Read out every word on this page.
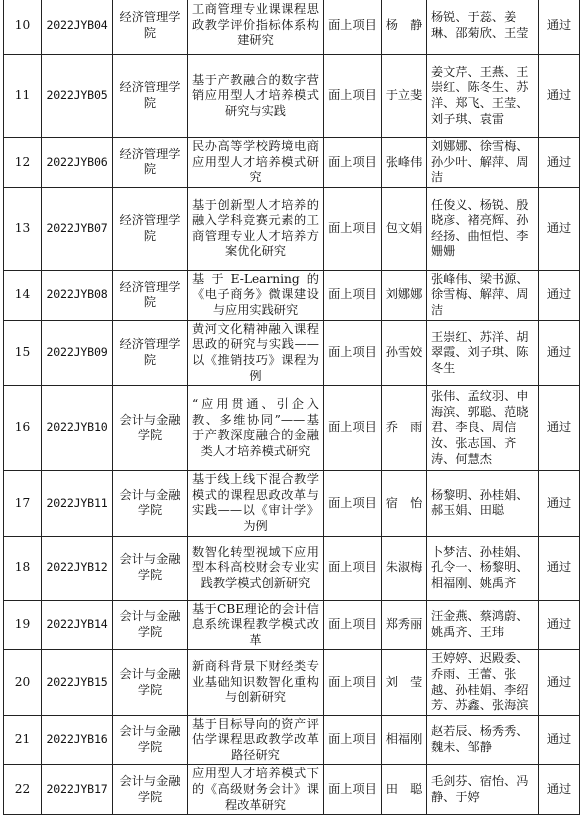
10	2022JYB04	经济管理学院	工商管理专业课课程思政教学评价指标体系构建研究	面上项目	杨　静	杨锐、于蕊、姜琳、邵菊欣、王莹	通过
11	2022JYB05	经济管理学院	基于产教融合的数字营销应用型人才培养模式研究与实践	面上项目	于立斐	姜文芹、王燕、王崇红、陈冬生、苏洋、郑飞、王莹、刘子琪、袁雷	通过
12	2022JYB06	经济管理学院	民办高等学校跨境电商应用型人才培养模式研究	面上项目	张峰伟	刘娜娜、徐雪梅、孙少叶、解萍、周洁	通过
13	2022JYB07	经济管理学院	基于创新型人才培养的融入学科竞赛元素的工商管理专业人才培养方案优化研究	面上项目	包文娟	任俊义、杨锐、殷晓彦、褚亮辉、孙经扬、曲恒恺、李姗姗	通过
14	2022JYB08	经济管理学院	基于E-Learning的《电子商务》微课建设与应用实践研究	面上项目	刘娜娜	张峰伟、梁书源、徐雪梅、解萍、周洁	通过
15	2022JYB09	经济管理学院	黄河文化精神融入课程思政的研究与实践——以《推销技巧》课程为例	面上项目	孙雪姣	王崇红、苏洋、胡翠霞、刘子琪、陈冬生	通过
16	2022JYB10	会计与金融学院	“应用贯通、引企入教、多维协同”——基于产教深度融合的金融类人才培养模式研究	面上项目	乔　雨	张伟、孟纹羽、申海滨、郭聪、范晓君、李良、周信汝、张志国、齐涛、何慧杰	通过
17	2022JYB11	会计与金融学院	基于线上线下混合教学模式的课程思政改革与实践——以《审计学》为例	面上项目	宿　怡	杨黎明、孙桂娟、郝玉娟、田聪	通过
18	2022JYB12	会计与金融学院	数智化转型视域下应用型本科高校财会专业实践教学模式创新研究	面上项目	朱淑梅	卜梦洁、孙桂娟、孔令一、杨黎明、相福刚、姚禹齐	通过
19	2022JYB14	会计与金融学院	基于CBE理论的会计信息系统课程教学模式改革	面上项目	郑秀丽	汪金燕、蔡鸿蔚、姚禹齐、王玮	通过
20	2022JYB15	会计与金融学院	新商科背景下财经类专业基础知识数智化重构与创新研究	面上项目	刘　莹	王婷婷、迟殿委、乔雨、王蕾、张越、孙桂娟、李绍芳、苏鑫、张海滨	通过
21	2022JYB16	会计与金融学院	基于目标导向的资产评估学课程思政教学改革路径研究	面上项目	相福刚	赵若辰、杨秀秀、魏未、邹静	通过
22	2022JYB17	会计与金融学院	应用型人才培养模式下的《高级财务会计》课程改革研究	面上项目	田　聪	毛剑芬、宿怡、冯静、于婷	通过
